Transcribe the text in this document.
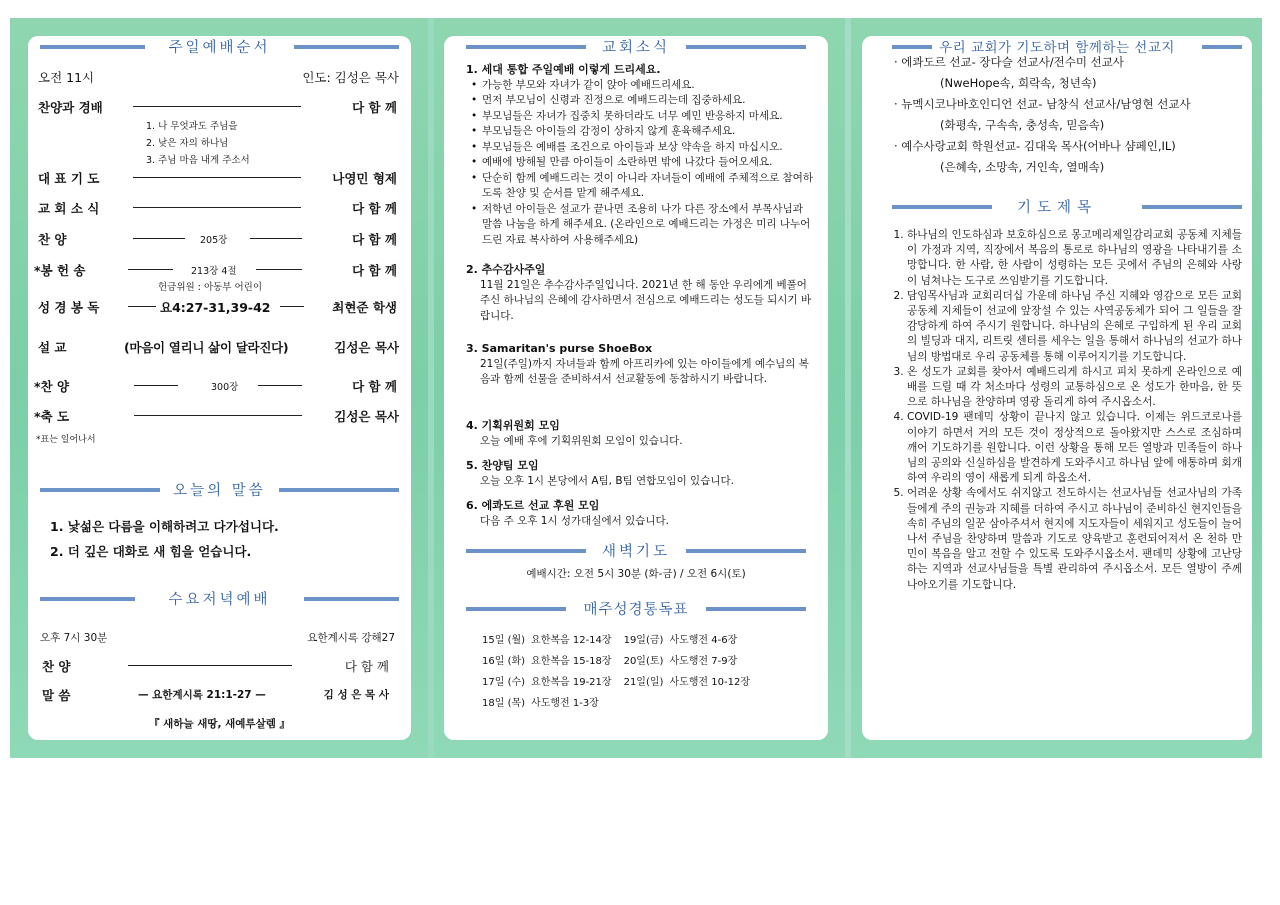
주일예배순서
오전 11시	인도: 김성은 목사
찬양과 경배	다 함 께
1. 나 무엇과도 주님을
2. 낮은 자의 하나님
3. 주님 마음 내게 주소서
대 표 기 도	나영민 형제
교 회 소 식	다 함 께
찬 양	205장	다 함 께
*봉 헌 송	213장 4절	다 함 께
헌금위원 : 아동부 어린이
성 경 봉 독	요4:27-31,39-42	최현준 학생
설 교	(마음이 열리니 삶이 달라진다)	김성은 목사
*찬 양	300장	다 함 께
*축 도	김성은 목사
*표는 일어나서
오늘의 말씀
1. 낯섦은 다름을 이해하려고 다가섭니다.
2. 더 깊은 대화로 새 힘을 얻습니다.
수요저녁예배
오후 7시 30분	요한계시록 강해27
찬 양	다 함 께
말 씀	— 요한계시록 21:1-27 —	김 성 은 목 사
『 새하늘 새땅, 새예루살렘 』
교회소식
1. 세대 통합 주일예배 이렇게 드리세요.
• 가능한 부모와 자녀가 같이 앉아 예배드리세요.
• 먼저 부모님이 신령과 진정으로 예배드리는데 집중하세요.
• 부모님들은 자녀가 집중치 못하더라도 너무 예민 반응하지 마세요.
• 부모님들은 아이들의 감정이 상하지 않게 훈육해주세요.
• 부모님들은 예배를 조건으로 아이들과 보상 약속을 하지 마십시오.
• 예배에 방해될 만큼 아이들이 소란하면 밖에 나갔다 들어오세요.
• 단순히 함께 예배드리는 것이 아니라 자녀들이 예배에 주체적으로 참여하도록 찬양 및 순서를 맡게 해주세요.
• 저학년 아이들은 설교가 끝나면 조용히 나가 다른 장소에서 부목사님과 말씀 나눔을 하게 해주세요. (온라인으로 예배드리는 가정은 미리 나누어드린 자료 복사하여 사용해주세요)
2. 추수감사주일

11월 21일은 추수감사주일입니다. 2021년 한 해 동안 우리에게 베풀어주신 하나님의 은혜에 감사하면서 전심으로 예배드리는 성도들 되시기 바랍니다.

3. Samaritan's purse ShoeBox

21일(주일)까지 자녀들과 함께 아프리카에 있는 아이들에게 예수님의 복음과 함께 선물을 준비하셔서 선교활동에 동참하시기 바랍니다.

4. 기획위원회 모임

오늘 예배 후에 기획위원회 모임이 있습니다.

5. 찬양팀 모임

오늘 오후 1시 본당에서 A팀, B팀 연합모임이 있습니다.

6. 에콰도르 선교 후원 모임

다음 주 오후 1시 성가대실에서 있습니다.

새벽기도
예배시간: 오전 5시 30분 (화-금) / 오전 6시(토)
매주성경통독표
15일 (월)	요한복음 12-14장	19일(금)	사도행전 4-6장
16일 (화)	요한복음 15-18장	20일(토)	사도행전 7-9장
17일 (수)	요한복음 19-21장	21일(일)	사도행전 10-12장
18일 (목)	사도행전 1-3장		
우리 교회가 기도하며 함께하는 선교지
· 에콰도르 선교- 장다슬 선교사/전수미 선교사
(NweHope속, 희락속, 청년속)
· 뉴멕시코나바호인디언 선교- 남창식 선교사/남영현 선교사
(화평속, 구속속, 충성속, 믿음속)
· 예수사랑교회 학원선교- 김대욱 목사(어바나 샴페인,IL)
(은혜속, 소망속, 거인속, 열매속)
기도제목
1. 하나님의 인도하심과 보호하심으로 몽고메리제일감리교회 공동체 지체들이 가정과 지역, 직장에서 복음의 통로로 하나님의 영광을 나타내기를 소망합니다. 한 사람, 한 사람이 성령하는 모든 곳에서 주님의 은혜와 사랑이 넘쳐나는 도구로 쓰임받기를 기도합니다.
2. 담임목사님과 교회리더십 가운데 하나님 주신 지혜와 영감으로 모든 교회공동체 지체들이 선교에 앞장설 수 있는 사역공동체가 되어 그 일들을 잘 감당하게 하여 주시기 원합니다. 하나님의 은혜로 구입하게 된 우리 교회의 빌딩과 대지, 리트릿 센터를 세우는 일을 통해서 하나님의 선교가 하나님의 방법대로 우리 공동체를 통해 이루어지기를 기도합니다.
3. 온 성도가 교회를 찾아서 예배드리게 하시고 피치 못하게 온라인으로 예배를 드릴 때 각 처소마다 성령의 교통하심으로 온 성도가 한마음, 한 뜻으로 하나님을 찬양하며 영광 돌리게 하여 주시옵소서.
4. COVID-19 팬데믹 상황이 끝나지 않고 있습니다. 이제는 위드코로나를 이야기 하면서 거의 모든 것이 정상적으로 돌아왔지만 스스로 조심하며 깨어 기도하기를 원합니다. 이런 상황을 통해 모든 열방과 민족들이 하나님의 공의와 신실하심을 발견하게 도와주시고 하나님 앞에 애통하며 회개하여 우리의 영이 새롭게 되게 하옵소서.
5. 어려운 상황 속에서도 쉬지않고 전도하시는 선교사님들 선교사님의 가족들에게 주의 권능과 지혜를 더하여 주시고 하나님이 준비하신 현지인들을 속히 주님의 일꾼 삼아주셔서 현지에 지도자들이 세워지고 성도들이 늘어나서 주님을 찬양하며 말씀과 기도로 양육받고 훈련되어져서 온 천하 만민이 복음을 알고 전할 수 있도록 도와주시옵소서. 팬데믹 상황에 고난당하는 지역과 선교사님들을 특별 관리하여 주시옵소서. 모든 열방이 주께 나아오기를 기도합니다.
